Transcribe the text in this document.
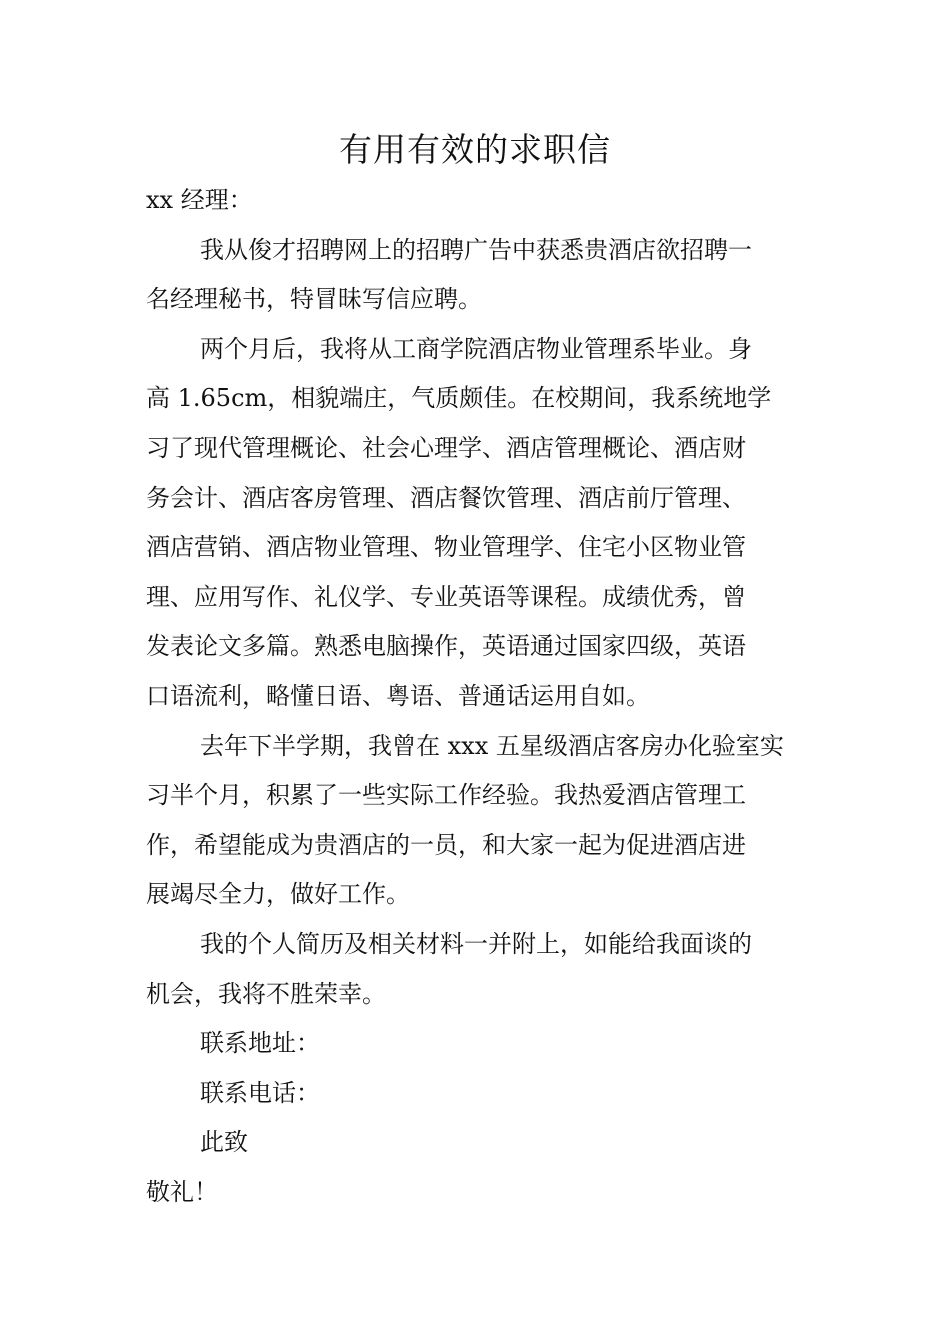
有用有效的求职信

xx 经理：

我从俊才招聘网上的招聘广告中获悉贵酒店欲招聘一

名经理秘书，特冒昧写信应聘。

两个月后，我将从工商学院酒店物业管理系毕业。身

高 1.65cm，相貌端庄，气质颇佳。在校期间，我系统地学

习了现代管理概论、社会心理学、酒店管理概论、酒店财

务会计、酒店客房管理、酒店餐饮管理、酒店前厅管理、

酒店营销、酒店物业管理、物业管理学、住宅小区物业管

理、应用写作、礼仪学、专业英语等课程。成绩优秀，曾

发表论文多篇。熟悉电脑操作，英语通过国家四级，英语

口语流利，略懂日语、粤语、普通话运用自如。

去年下半学期，我曾在 xxx 五星级酒店客房办化验室实

习半个月，积累了一些实际工作经验。我热爱酒店管理工

作，希望能成为贵酒店的一员，和大家一起为促进酒店进

展竭尽全力，做好工作。

我的个人简历及相关材料一并附上，如能给我面谈的

机会，我将不胜荣幸。

联系地址：

联系电话：

此致

敬礼！
